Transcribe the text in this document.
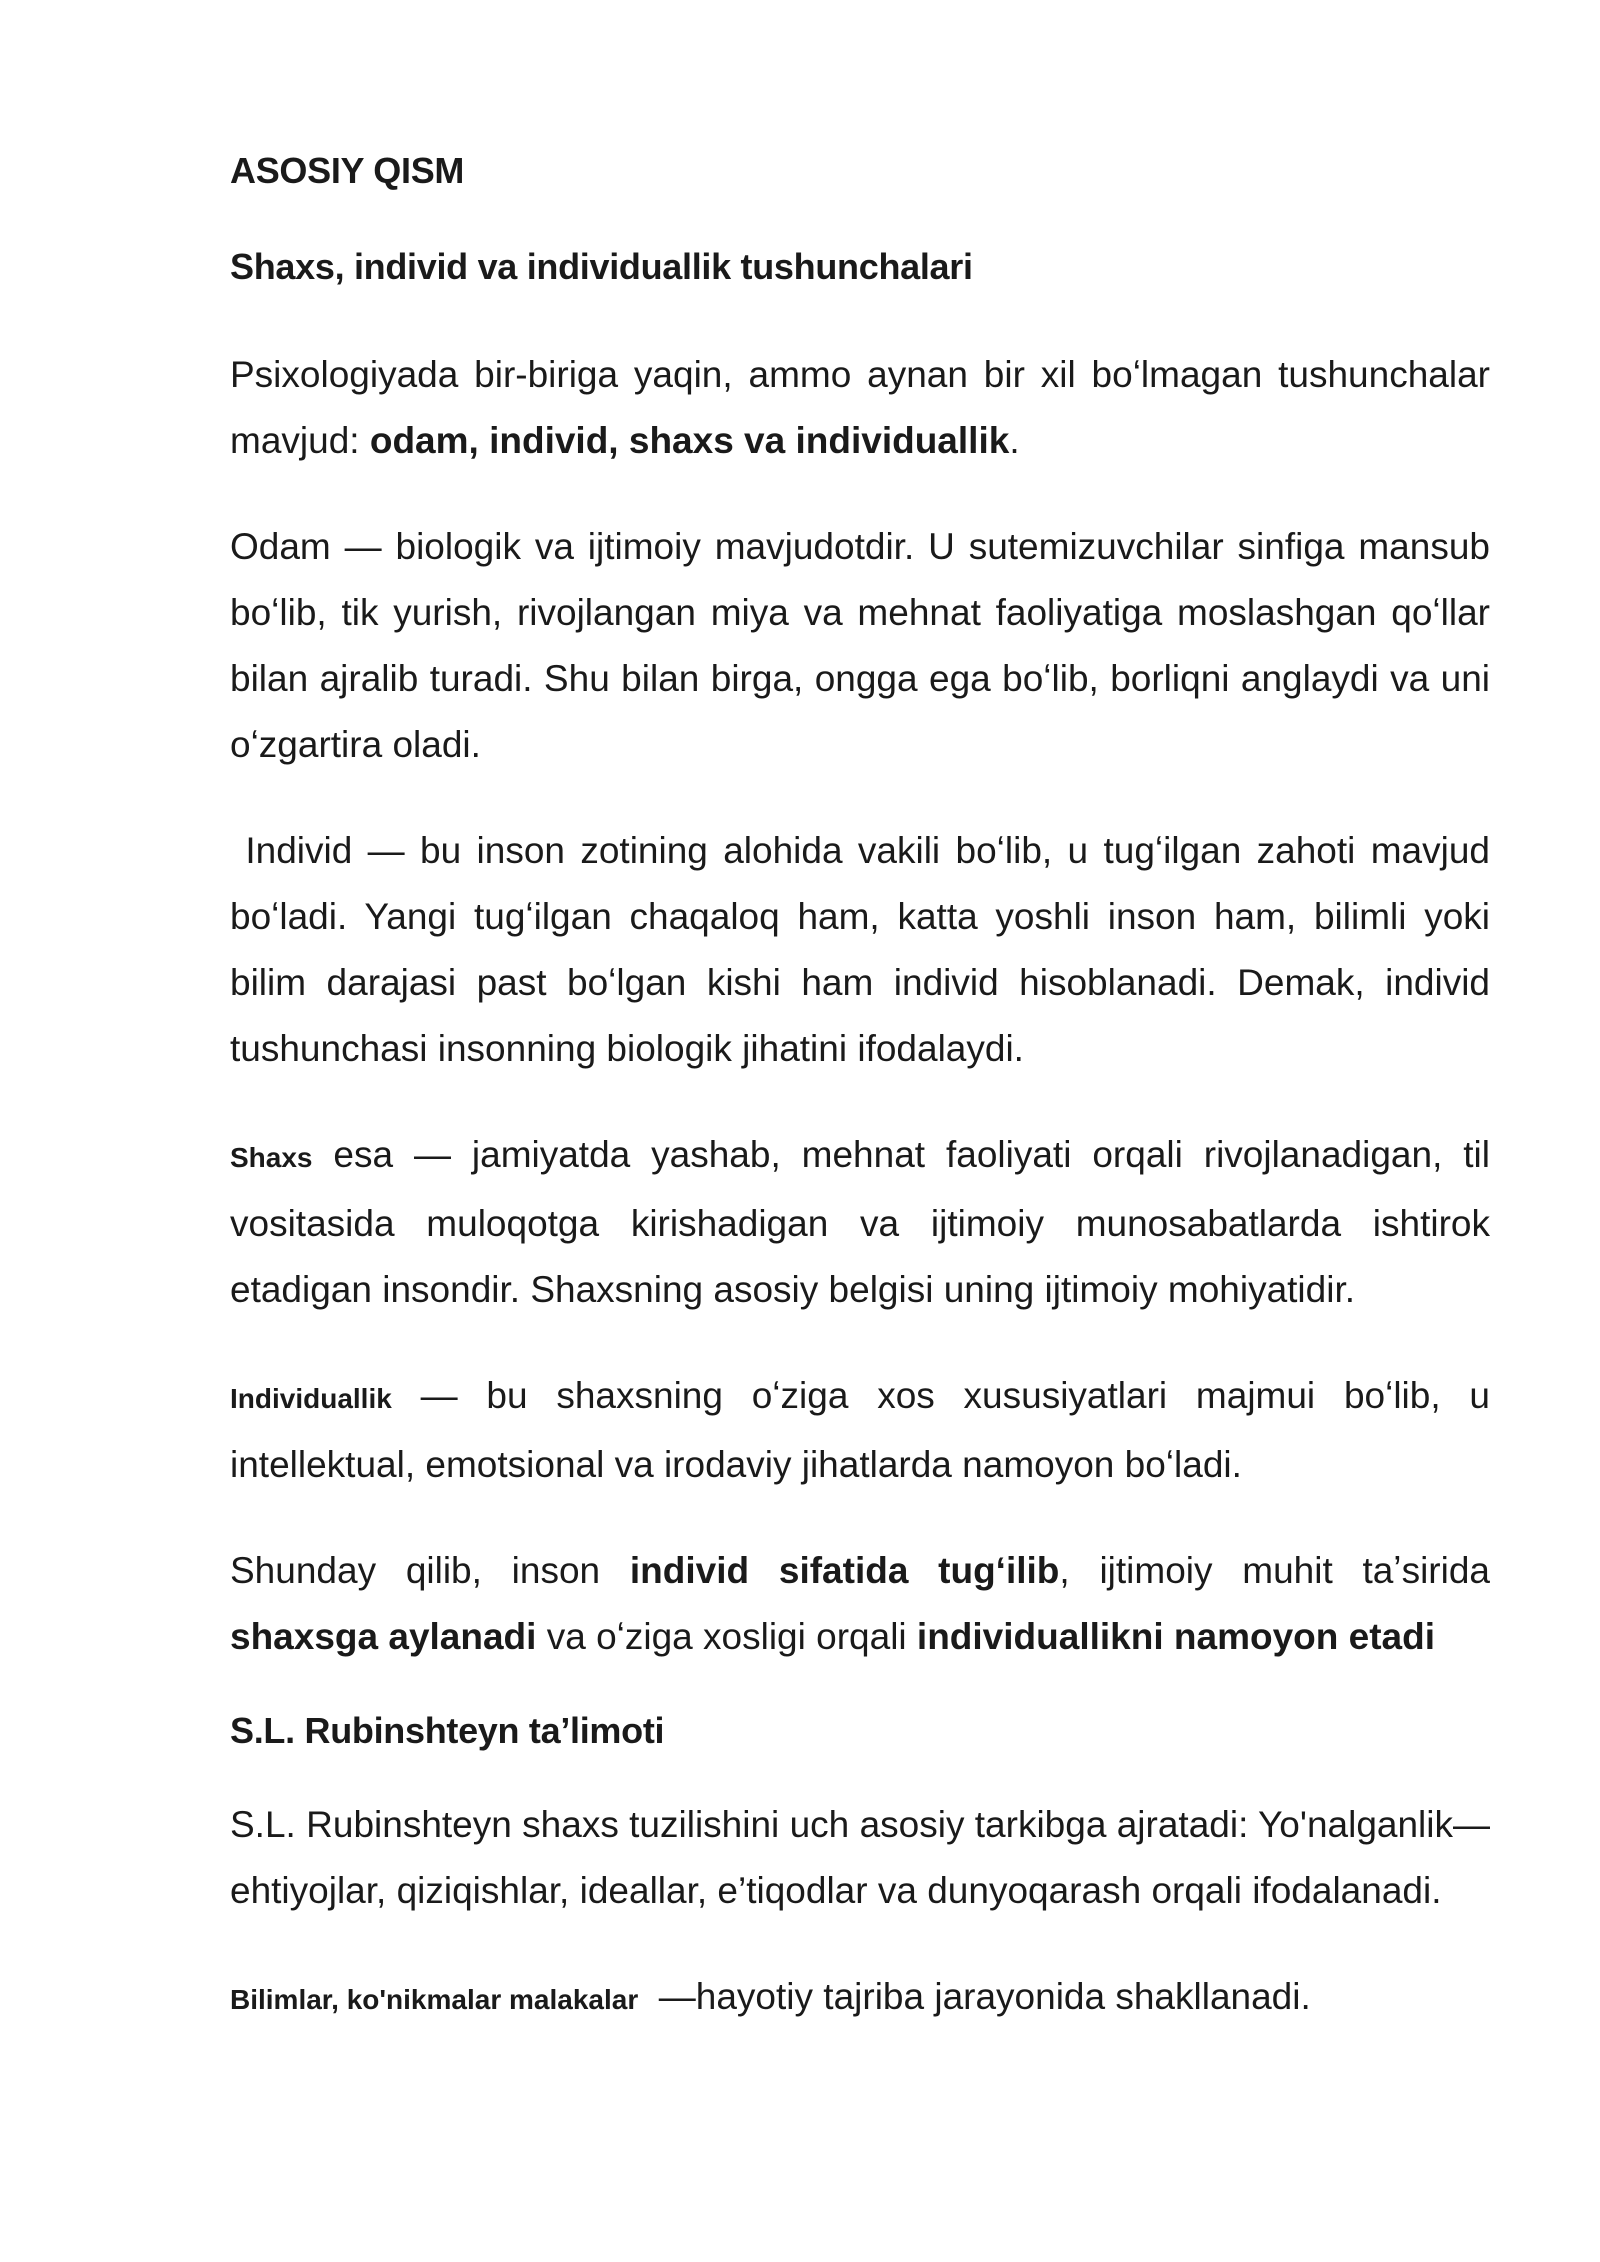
ASOSIY QISM
Shaxs, individ va individuallik tushunchalari

Psixologiyada bir-biriga yaqin, ammo aynan bir xil boʻlmagan tushunchalar mavjud: odam, individ, shaxs va individuallik.

Odam — biologik va ijtimoiy mavjudotdir. U sutemizuvchilar sinfiga mansub boʻlib, tik yurish, rivojlangan miya va mehnat faoliyatiga moslashgan qoʻllar bilan ajralib turadi. Shu bilan birga, ongga ega boʻlib, borliqni anglaydi va uni oʻzgartira oladi.

Individ — bu inson zotining alohida vakili boʻlib, u tugʻilgan zahoti mavjud boʻladi. Yangi tugʻilgan chaqaloq ham, katta yoshli inson ham, bilimli yoki bilim darajasi past boʻlgan kishi ham individ hisoblanadi. Demak, individ tushunchasi insonning biologik jihatini ifodalaydi.

Shaxs esa — jamiyatda yashab, mehnat faoliyati orqali rivojlanadigan, til vositasida muloqotga kirishadigan va ijtimoiy munosabatlarda ishtirok etadigan insondir. Shaxsning asosiy belgisi uning ijtimoiy mohiyatidir.

Individuallik — bu shaxsning oʻziga xos xususiyatlari majmui boʻlib, u intellektual, emotsional va irodaviy jihatlarda namoyon boʻladi.

Shunday qilib, inson individ sifatida tugʻilib, ijtimoiy muhit taʼsirida shaxsga aylanadi va oʻziga xosligi orqali individuallikni namoyon etadi

S.L. Rubinshteyn ta’limoti

S.L. Rubinshteyn shaxs tuzilishini uch asosiy tarkibga ajratadi: Yo'nalganlik— ehtiyojlar, qiziqishlar, ideallar, e’tiqodlar va dunyoqarash orqali ifodalanadi.

Bilimlar, ko'nikmalar malakalar  —hayotiy tajriba jarayonida shakllanadi.
